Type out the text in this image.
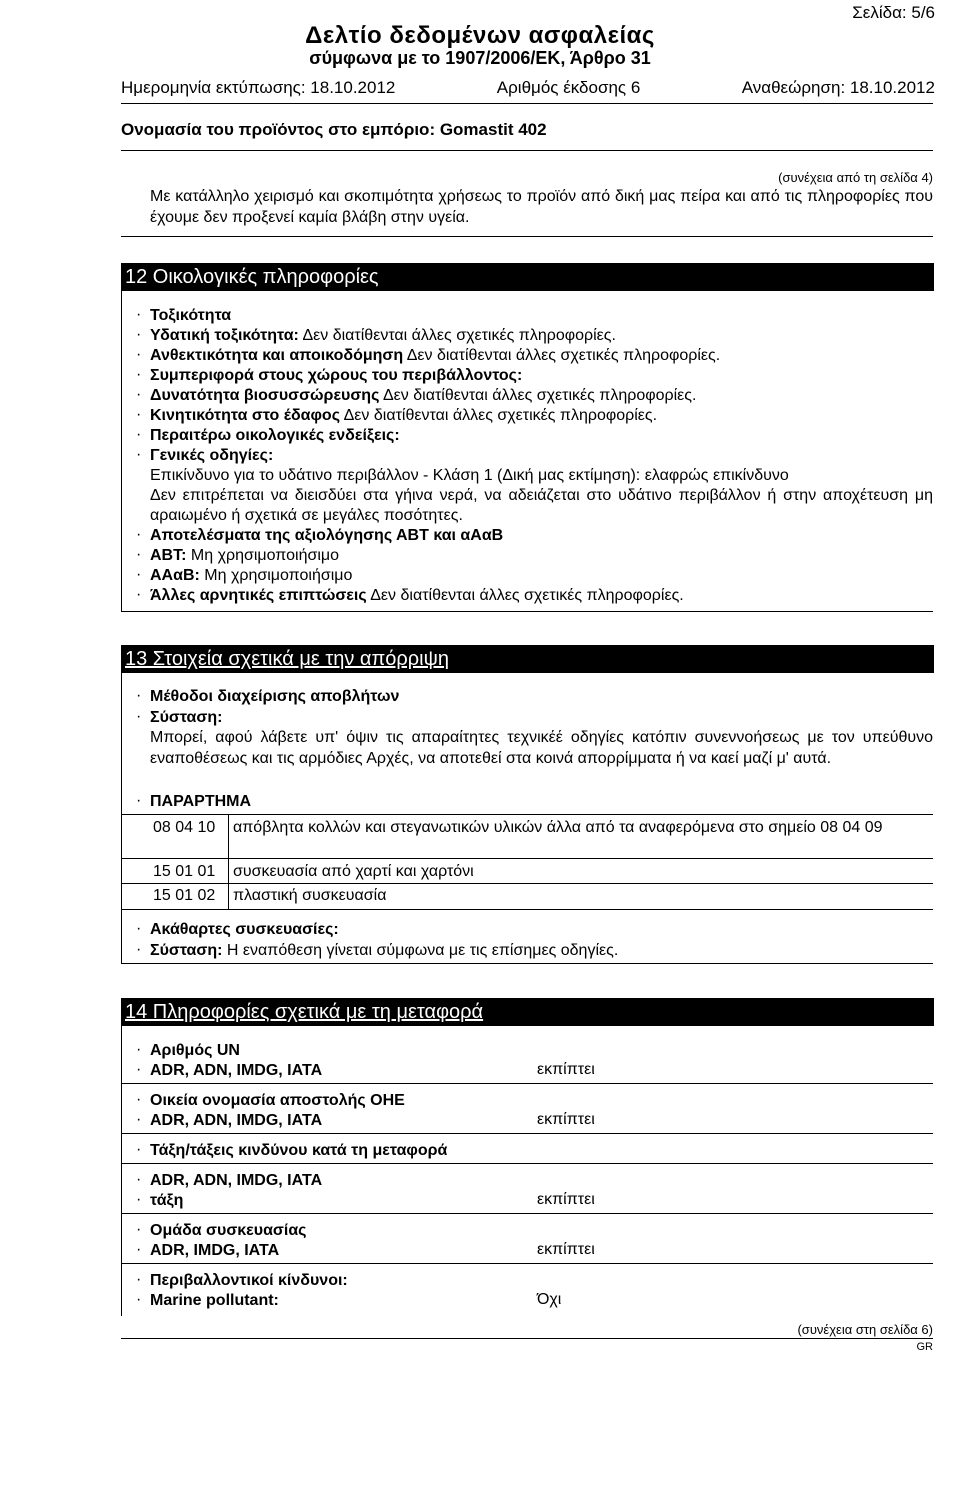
Σελίδα: 5/6
Δελτίο δεδομένων ασφαλείας
σύμφωνα με το 1907/2006/ΕΚ, Άρθρο 31
Ημερομηνία εκτύπωσης: 18.10.2012	Αριθμός έκδοσης 6	Αναθεώρηση: 18.10.2012
Ονομασία του προϊόντος στο εμπόριο: Gomastit 402
(συνέχεια από τη σελίδα 4)
Με κατάλληλο χειρισμό και σκοπιμότητα χρήσεως το προϊόν από δική μας πείρα και από τις πληροφορίες που έχουμε δεν προξενεί καμία βλάβη στην υγεία.
12 Οικολογικές πληροφορίες
· Τοξικότητα
· Υδατική τοξικότητα: Δεν διατίθενται άλλες σχετικές πληροφορίες.
· Ανθεκτικότητα και αποικοδόμηση Δεν διατίθενται άλλες σχετικές πληροφορίες.
· Συμπεριφορά στους χώρους του περιβάλλοντος:
· Δυνατότητα βιοσυσσώρευσης Δεν διατίθενται άλλες σχετικές πληροφορίες.
· Κινητικότητα στο έδαφος Δεν διατίθενται άλλες σχετικές πληροφορίες.
· Περαιτέρω οικολογικές ενδείξεις:
· Γενικές οδηγίες:
Επικίνδυνο για το υδάτινο περιβάλλον - Κλάση 1 (Δική μας εκτίμηση): ελαφρώς επικίνδυνο
Δεν επιτρέπεται να διεισδύει στα γήινα νερά, να αδειάζεται στο υδάτινο περιβάλλον ή στην αποχέτευση μη αραιωμένο ή σχετικά σε μεγάλες ποσότητες.
· Αποτελέσματα της αξιολόγησης ΑΒΤ και αΑαΒ
· ΑΒΤ: Μη χρησιμοποιήσιμο
· ΑΑαΒ: Μη χρησιμοποιήσιμο
· Άλλες αρνητικές επιπτώσεις Δεν διατίθενται άλλες σχετικές πληροφορίες.
13 Στοιχεία σχετικά με την απόρριψη
· Μέθοδοι διαχείρισης αποβλήτων
· Σύσταση:
Μπορεί, αφού λάβετε υπ' όψιν τις απαραίτητες τεχνικέέ οδηγίες κατόπιν συνεννοήσεως με τον υπεύθυνο εναποθέσεως και τις αρμόδιες Αρχές, να αποτεθεί στα κοινά απορρίμματα ή να καεί μαζί μ' αυτά.
· ΠΑΡΑΡΤΗΜΑ
08 04 10 απόβλητα κολλών και στεγανωτικών υλικών άλλα από τα αναφερόμενα στο σημείο 08 04 09
15 01 01 συσκευασία από χαρτί και χαρτόνι
15 01 02 πλαστική συσκευασία
· Ακάθαρτες συσκευασίες:
· Σύσταση: Η εναπόθεση γίνεται σύμφωνα με τις επίσημες οδηγίες.
14 Πληροφορίες σχετικά με τη μεταφορά
· Αριθμός UN
· ADR, ADN, IMDG, IATA	εκπίπτει
· Οικεία ονομασία αποστολής ΟΗΕ
· ADR, ADN, IMDG, IATA	εκπίπτει
· Τάξη/τάξεις κινδύνου κατά τη μεταφορά
· ADR, ADN, IMDG, IATA
· τάξη	εκπίπτει
· Ομάδα συσκευασίας
· ADR, IMDG, IATA	εκπίπτει
· Περιβαλλοντικοί κίνδυνοι:
· Marine pollutant:	Όχι
(συνέχεια στη σελίδα 6)
GR
